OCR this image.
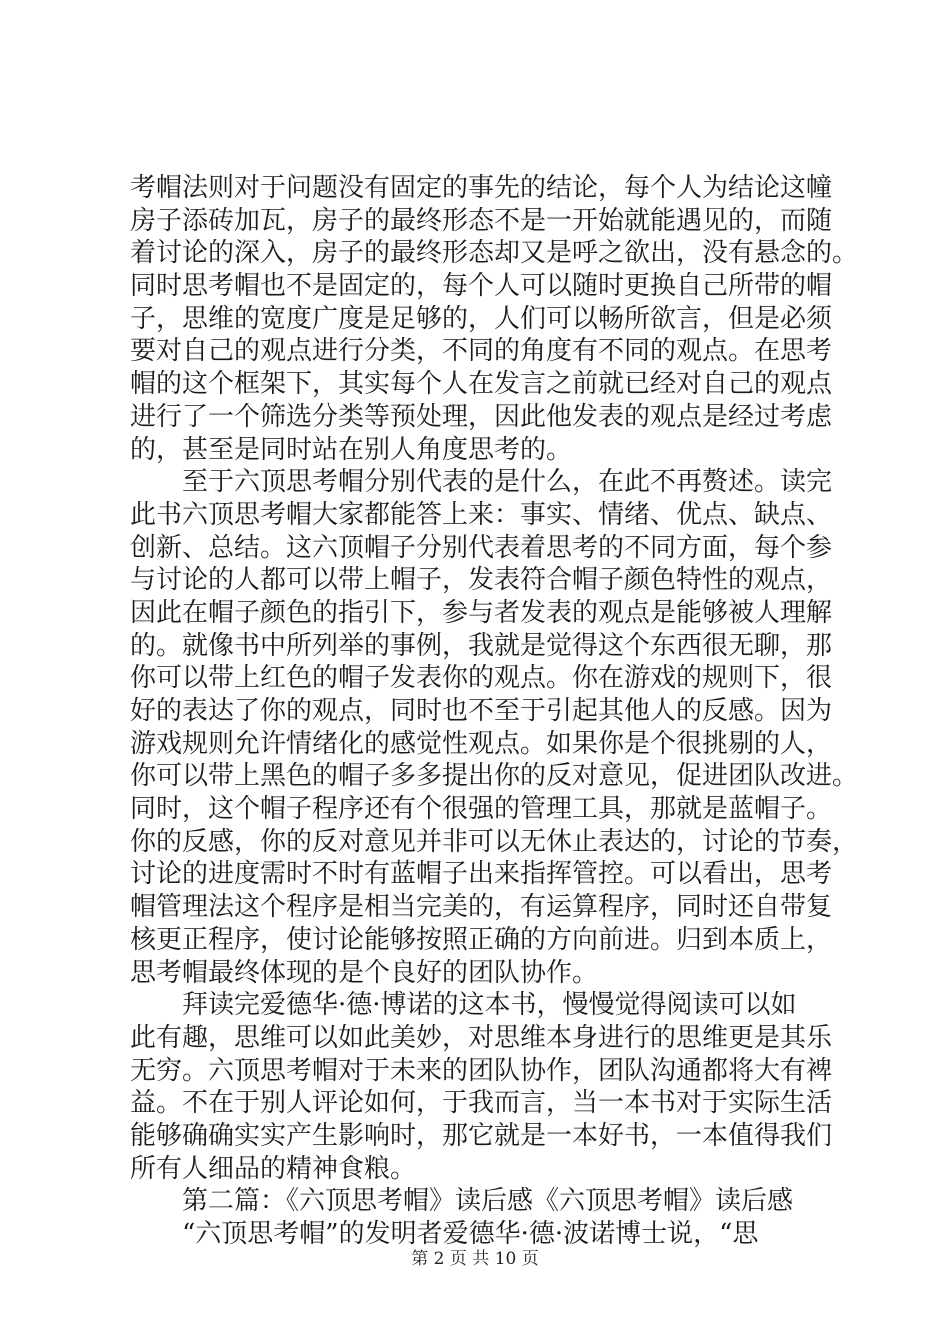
考帽法则对于问题没有固定的事先的结论，每个人为结论这幢
房子添砖加瓦，房子的最终形态不是一开始就能遇见的，而随
着讨论的深入，房子的最终形态却又是呼之欲出，没有悬念的。
同时思考帽也不是固定的，每个人可以随时更换自己所带的帽
子，思维的宽度广度是足够的，人们可以畅所欲言，但是必须
要对自己的观点进行分类，不同的角度有不同的观点。在思考
帽的这个框架下，其实每个人在发言之前就已经对自己的观点
进行了一个筛选分类等预处理，因此他发表的观点是经过考虑
的，甚至是同时站在别人角度思考的。
至于六顶思考帽分别代表的是什么，在此不再赘述。读完
此书六顶思考帽大家都能答上来：事实、情绪、优点、缺点、
创新、总结。这六顶帽子分别代表着思考的不同方面，每个参
与讨论的人都可以带上帽子，发表符合帽子颜色特性的观点，
因此在帽子颜色的指引下，参与者发表的观点是能够被人理解
的。就像书中所列举的事例，我就是觉得这个东西很无聊，那
你可以带上红色的帽子发表你的观点。你在游戏的规则下，很
好的表达了你的观点，同时也不至于引起其他人的反感。因为
游戏规则允许情绪化的感觉性观点。如果你是个很挑剔的人，
你可以带上黑色的帽子多多提出你的反对意见，促进团队改进。
同时，这个帽子程序还有个很强的管理工具，那就是蓝帽子。
你的反感，你的反对意见并非可以无休止表达的，讨论的节奏，
讨论的进度需时不时有蓝帽子出来指挥管控。可以看出，思考
帽管理法这个程序是相当完美的，有运算程序，同时还自带复
核更正程序，使讨论能够按照正确的方向前进。归到本质上，
思考帽最终体现的是个良好的团队协作。
拜读完爱德华·德·博诺的这本书，慢慢觉得阅读可以如
此有趣，思维可以如此美妙，对思维本身进行的思维更是其乐
无穷。六顶思考帽对于未来的团队协作，团队沟通都将大有裨
益。不在于别人评论如何，于我而言，当一本书对于实际生活
能够确确实实产生影响时，那它就是一本好书，一本值得我们
所有人细品的精神食粮。
第二篇：《六顶思考帽》读后感《六顶思考帽》读后感
“六顶思考帽”的发明者爱德华·德·波诺博士说，“思
第 2 页 共 10 页
